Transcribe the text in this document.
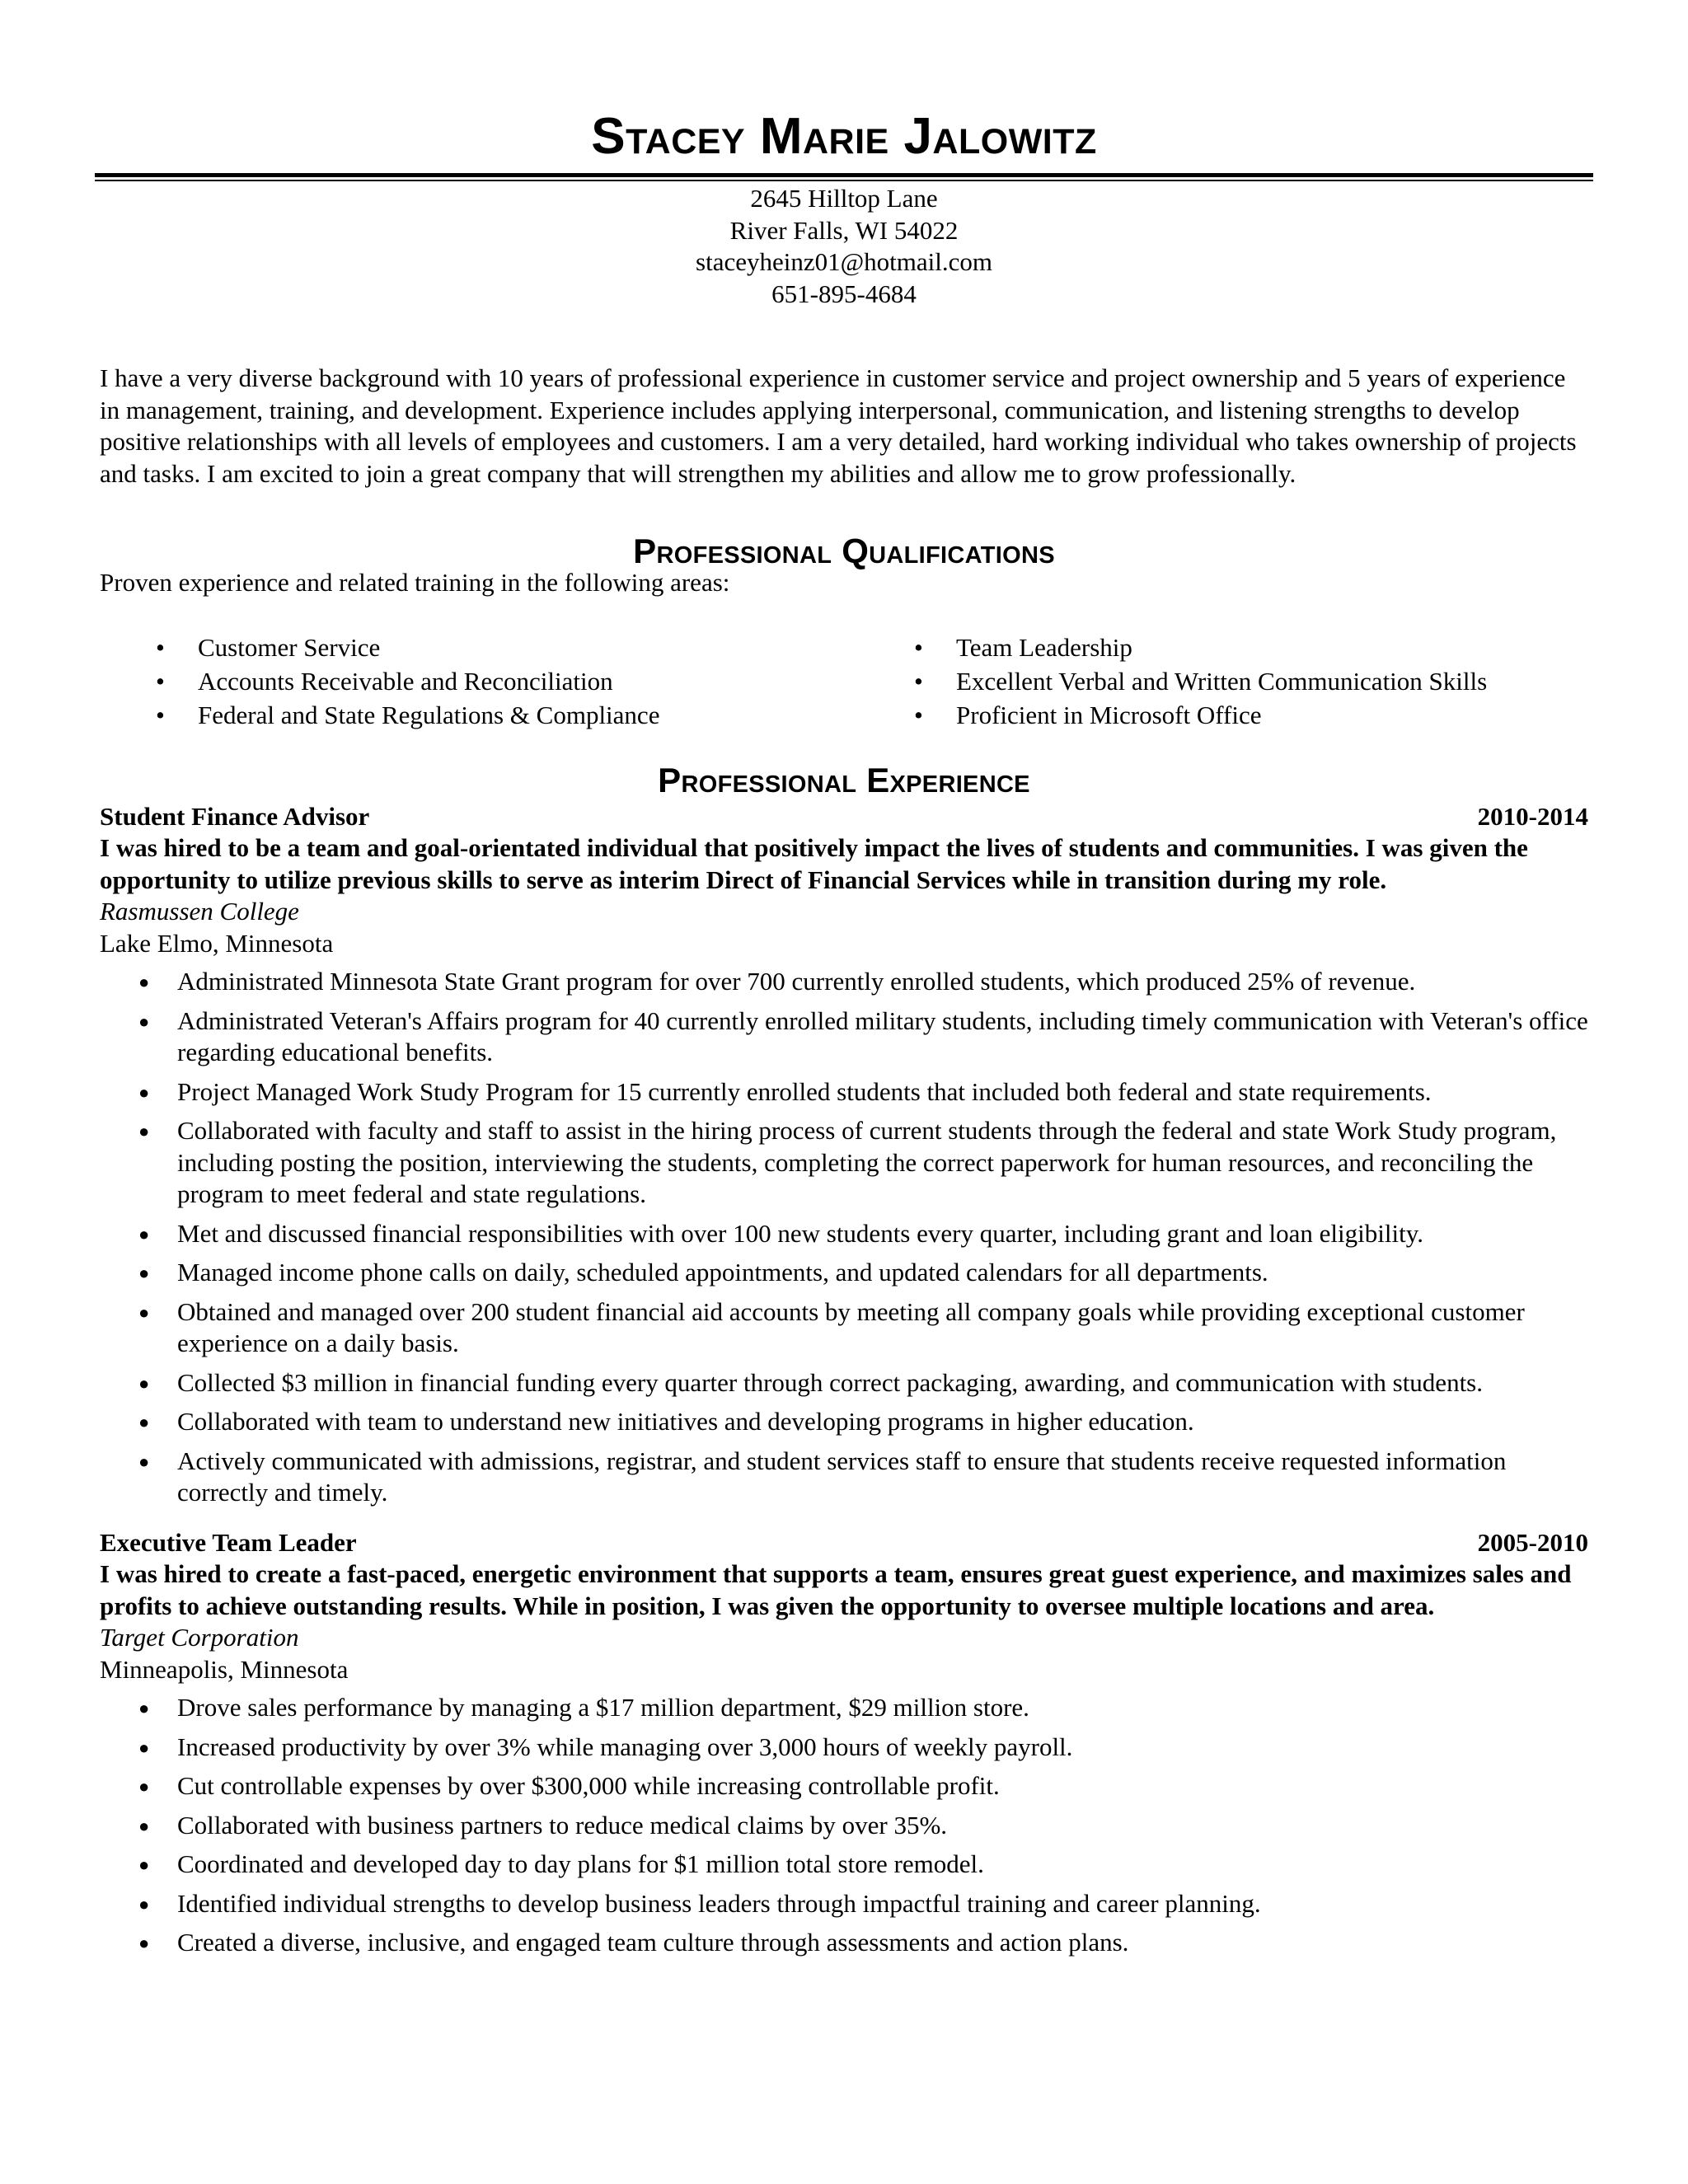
Stacey Marie Jalowitz
2645 Hilltop Lane
River Falls, WI 54022
staceyheinz01@hotmail.com
651-895-4684
I have a very diverse background with 10 years of professional experience in customer service and project ownership and 5 years of experience in management, training, and development. Experience includes applying interpersonal, communication, and listening strengths to develop positive relationships with all levels of employees and customers. I am a very detailed, hard working individual who takes ownership of projects and tasks. I am excited to join a great company that will strengthen my abilities and allow me to grow professionally.
Professional Qualifications
Proven experience and related training in the following areas:
• Customer Service
• Accounts Receivable and Reconciliation
• Federal and State Regulations & Compliance
• Team Leadership
• Excellent Verbal and Written Communication Skills
• Proficient in Microsoft Office
Professional Experience
Student Finance Advisor	2010-2014
I was hired to be a team and goal-orientated individual that positively impact the lives of students and communities. I was given the opportunity to utilize previous skills to serve as interim Direct of Financial Services while in transition during my role.
Rasmussen College
Lake Elmo, Minnesota
● Administrated Minnesota State Grant program for over 700 currently enrolled students, which produced 25% of revenue.
● Administrated Veteran's Affairs program for 40 currently enrolled military students, including timely communication with Veteran's office regarding educational benefits.
● Project Managed Work Study Program for 15 currently enrolled students that included both federal and state requirements.
● Collaborated with faculty and staff to assist in the hiring process of current students through the federal and state Work Study program, including posting the position, interviewing the students, completing the correct paperwork for human resources, and reconciling the program to meet federal and state regulations.
● Met and discussed financial responsibilities with over 100 new students every quarter, including grant and loan eligibility.
● Managed income phone calls on daily, scheduled appointments, and updated calendars for all departments.
● Obtained and managed over 200 student financial aid accounts by meeting all company goals while providing exceptional customer experience on a daily basis.
● Collected $3 million in financial funding every quarter through correct packaging, awarding, and communication with students.
● Collaborated with team to understand new initiatives and developing programs in higher education.
● Actively communicated with admissions, registrar, and student services staff to ensure that students receive requested information correctly and timely.
Executive Team Leader	2005-2010
I was hired to create a fast-paced, energetic environment that supports a team, ensures great guest experience, and maximizes sales and profits to achieve outstanding results. While in position, I was given the opportunity to oversee multiple locations and area.
Target Corporation
Minneapolis, Minnesota
● Drove sales performance by managing a $17 million department, $29 million store.
● Increased productivity by over 3% while managing over 3,000 hours of weekly payroll.
● Cut controllable expenses by over $300,000 while increasing controllable profit.
● Collaborated with business partners to reduce medical claims by over 35%.
● Coordinated and developed day to day plans for $1 million total store remodel.
● Identified individual strengths to develop business leaders through impactful training and career planning.
● Created a diverse, inclusive, and engaged team culture through assessments and action plans.
